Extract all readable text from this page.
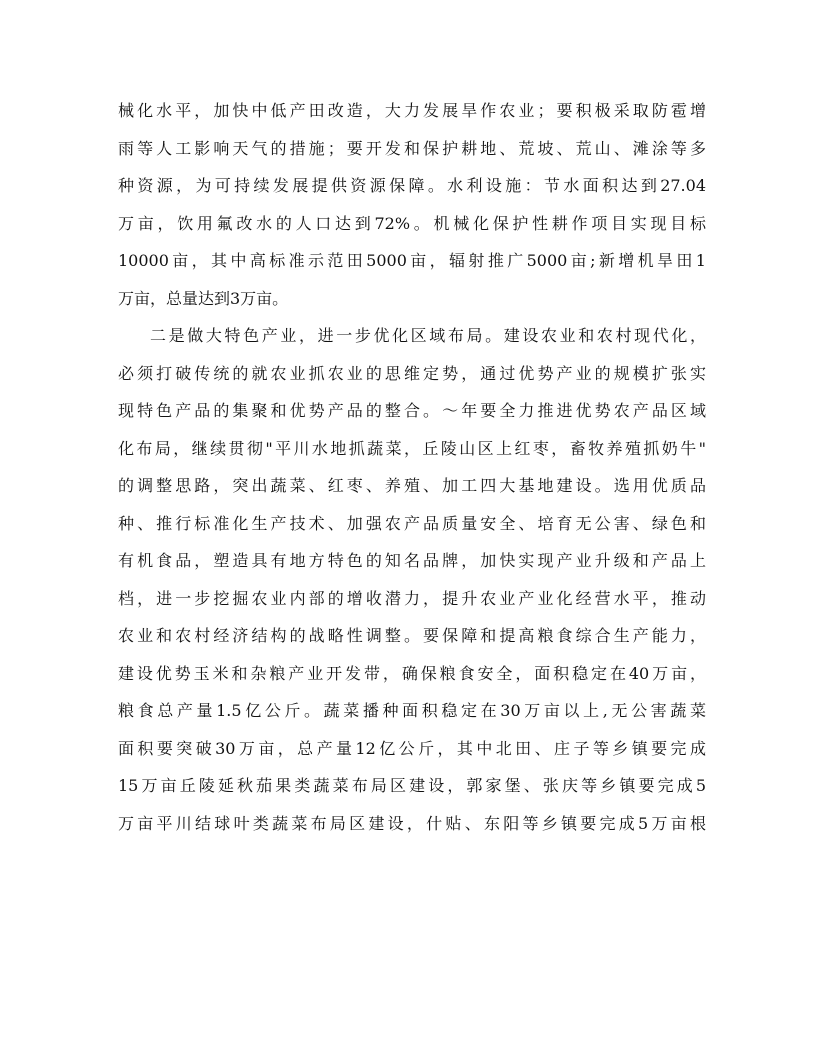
械化水平，加快中低产田改造，大力发展旱作农业；要积极采取防雹增
雨等人工影响天气的措施；要开发和保护耕地、荒坡、荒山、滩涂等多
种资源，为可持续发展提供资源保障。水利设施：节水面积达到27.04
万亩，饮用氟改水的人口达到72%。机械化保护性耕作项目实现目标
10000亩，其中高标准示范田5000亩，辐射推广5000亩;新增机旱田1
万亩，总量达到3万亩。
二是做大特色产业，进一步优化区域布局。建设农业和农村现代化，
必须打破传统的就农业抓农业的思维定势，通过优势产业的规模扩张实
现特色产品的集聚和优势产品的整合。～年要全力推进优势农产品区域
化布局，继续贯彻"平川水地抓蔬菜，丘陵山区上红枣，畜牧养殖抓奶牛"
的调整思路，突出蔬菜、红枣、养殖、加工四大基地建设。选用优质品
种、推行标准化生产技术、加强农产品质量安全、培育无公害、绿色和
有机食品，塑造具有地方特色的知名品牌，加快实现产业升级和产品上
档，进一步挖掘农业内部的增收潜力，提升农业产业化经营水平，推动
农业和农村经济结构的战略性调整。要保障和提高粮食综合生产能力，
建设优势玉米和杂粮产业开发带，确保粮食安全，面积稳定在40万亩，
粮食总产量1.5亿公斤。蔬菜播种面积稳定在30万亩以上,无公害蔬菜
面积要突破30万亩，总产量12亿公斤，其中北田、庄子等乡镇要完成
15万亩丘陵延秋茄果类蔬菜布局区建设，郭家堡、张庆等乡镇要完成5
万亩平川结球叶类蔬菜布局区建设，什贴、东阳等乡镇要完成5万亩根
